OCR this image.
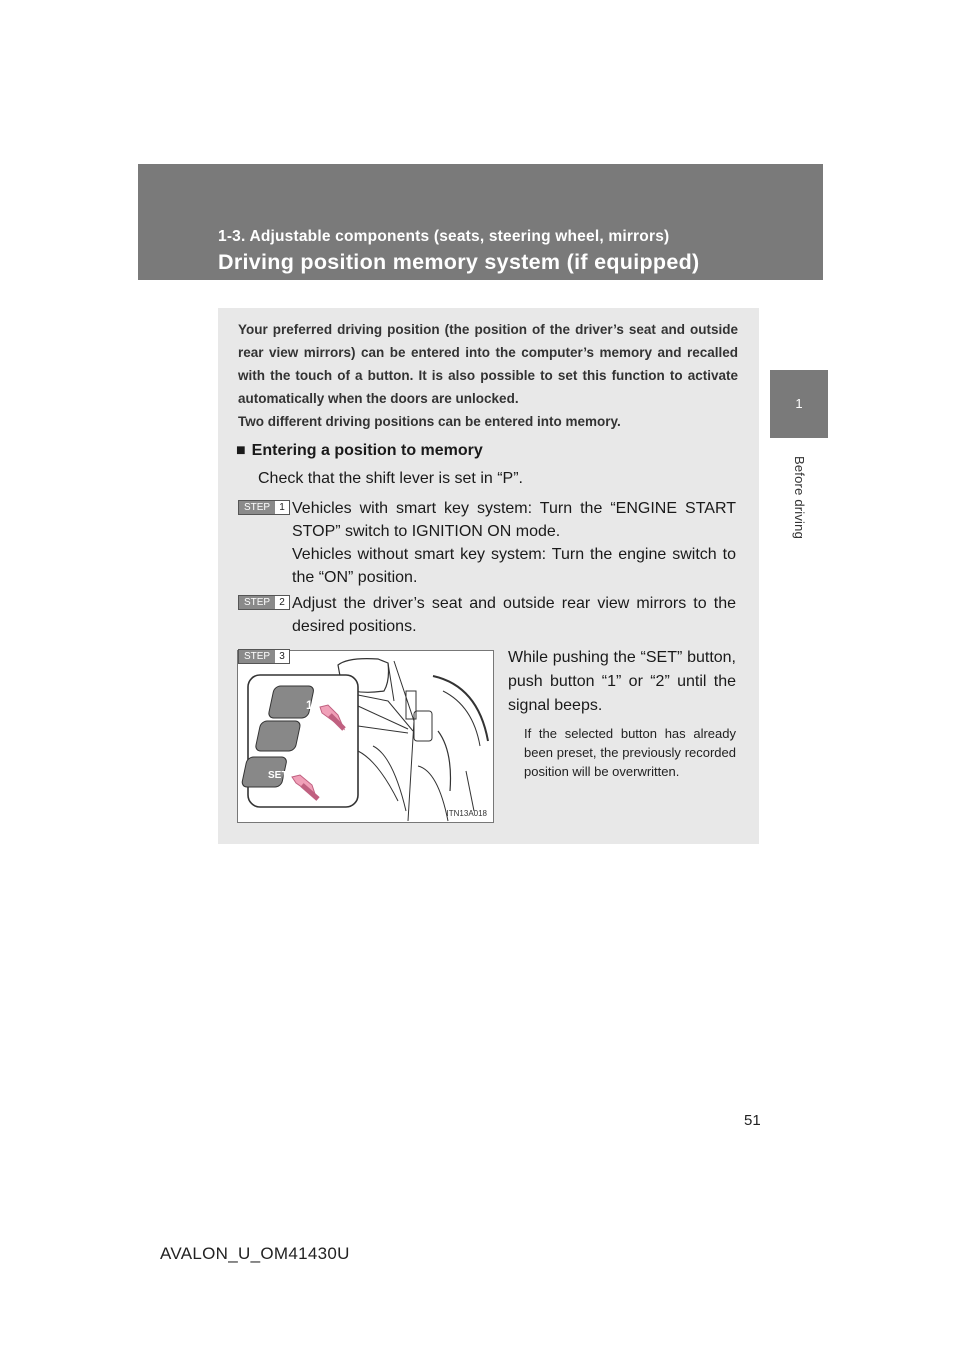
1-3. Adjustable components (seats, steering wheel, mirrors)
Driving position memory system (if equipped)
1
Before driving

Your preferred driving position (the position of the driver’s seat and outside rear view mirrors) can be entered into the computer’s memory and recalled with the touch of a button. It is also possible to set this function to activate automatically when the doors are unlocked.

Two different driving positions can be entered into memory.

■ Entering a position to memory
Check that the shift lever is set in “P”.
STEP 1 Vehicles with smart key system: Turn the “ENGINE START STOP” switch to IGNITION ON mode.

Vehicles without smart key system: Turn the engine switch to the “ON” position.

STEP 2 Adjust the driver’s seat and outside rear view mirrors to the desired positions.

STEP 3
1
2
SET
ITN13A018
While pushing the “SET” button, push button “1” or “2” until the signal beeps.
If the selected button has already been preset, the previously recorded position will be overwritten.
51
AVALON_U_OM41430U
